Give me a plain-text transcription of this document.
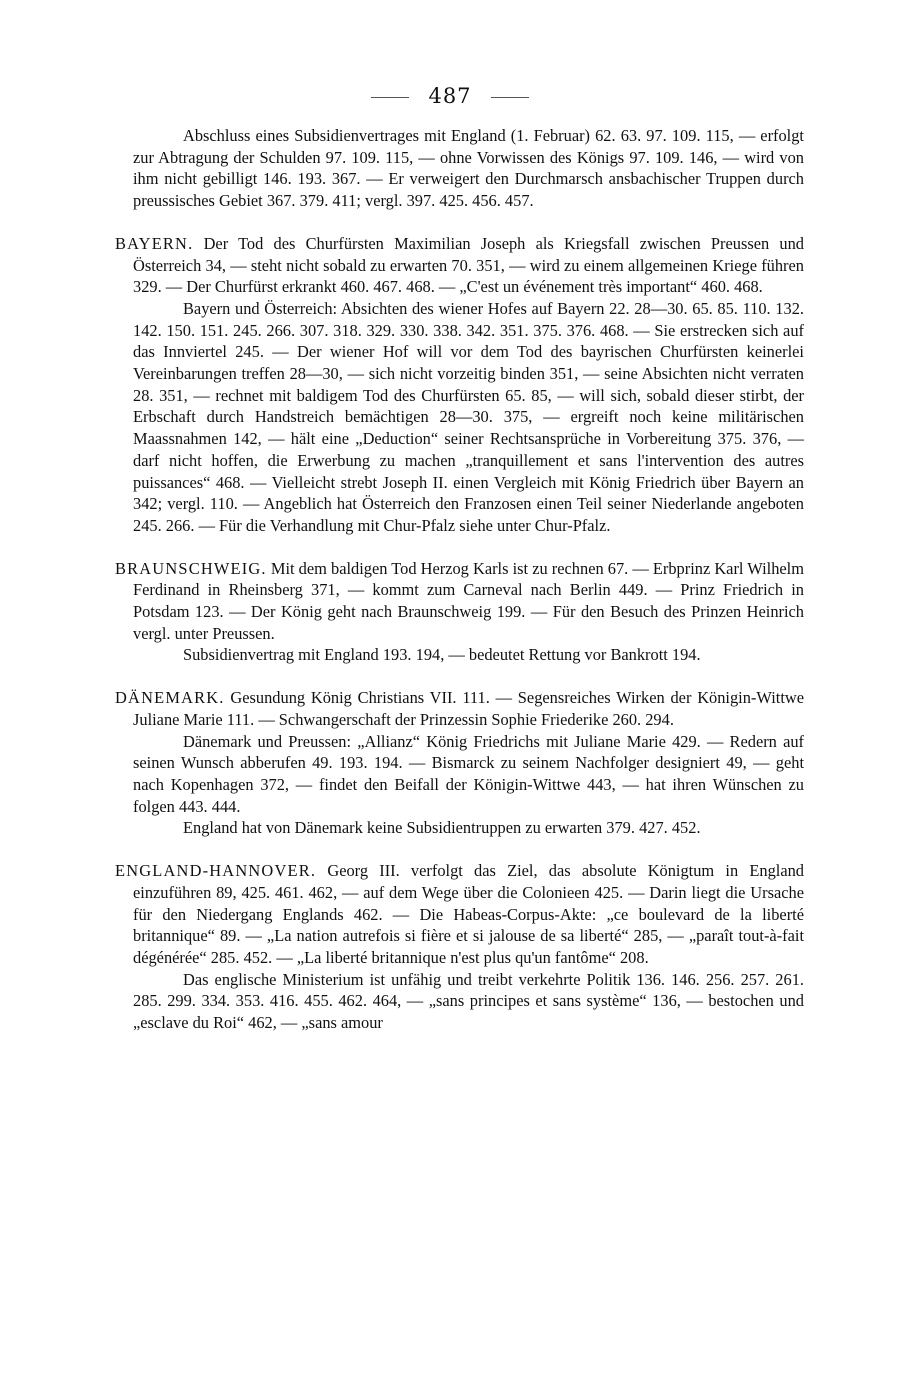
487

Abschluss eines Subsidienvertrages mit England (1. Februar) 62. 63. 97. 109. 115, — erfolgt zur Abtragung der Schulden 97. 109. 115, — ohne Vorwissen des Königs 97. 109. 146, — wird von ihm nicht gebilligt 146. 193. 367. — Er verweigert den Durchmarsch ansbachischer Truppen durch preussisches Gebiet 367. 379. 411; vergl. 397. 425. 456. 457.

BAYERN. Der Tod des Churfürsten Maximilian Joseph als Kriegsfall zwischen Preussen und Österreich 34, — steht nicht sobald zu erwarten 70. 351, — wird zu einem allgemeinen Kriege führen 329. — Der Churfürst erkrankt 460. 467. 468. — „C'est un événement très important“ 460. 468.

Bayern und Österreich: Absichten des wiener Hofes auf Bayern 22. 28—30. 65. 85. 110. 132. 142. 150. 151. 245. 266. 307. 318. 329. 330. 338. 342. 351. 375. 376. 468. — Sie erstrecken sich auf das Innviertel 245. — Der wiener Hof will vor dem Tod des bayrischen Churfürsten keinerlei Vereinbarungen treffen 28—30, — sich nicht vorzeitig binden 351, — seine Absichten nicht verraten 28. 351, — rechnet mit baldigem Tod des Churfürsten 65. 85, — will sich, sobald dieser stirbt, der Erbschaft durch Handstreich bemächtigen 28—30. 375, — ergreift noch keine militärischen Maassnahmen 142, — hält eine „Deduction“ seiner Rechtsansprüche in Vorbereitung 375. 376, — darf nicht hoffen, die Erwerbung zu machen „tranquillement et sans l'intervention des autres puissances“ 468. — Vielleicht strebt Joseph II. einen Vergleich mit König Friedrich über Bayern an 342; vergl. 110. — Angeblich hat Österreich den Franzosen einen Teil seiner Niederlande angeboten 245. 266. — Für die Verhandlung mit Chur-Pfalz siehe unter Chur-Pfalz.

BRAUNSCHWEIG. Mit dem baldigen Tod Herzog Karls ist zu rechnen 67. — Erbprinz Karl Wilhelm Ferdinand in Rheinsberg 371, — kommt zum Carneval nach Berlin 449. — Prinz Friedrich in Potsdam 123. — Der König geht nach Braunschweig 199. — Für den Besuch des Prinzen Heinrich vergl. unter Preussen.

Subsidienvertrag mit England 193. 194, — bedeutet Rettung vor Bankrott 194.

DÄNEMARK. Gesundung König Christians VII. 111. — Segensreiches Wirken der Königin-Wittwe Juliane Marie 111. — Schwangerschaft der Prinzessin Sophie Friederike 260. 294.

Dänemark und Preussen: „Allianz“ König Friedrichs mit Juliane Marie 429. — Redern auf seinen Wunsch abberufen 49. 193. 194. — Bismarck zu seinem Nachfolger designiert 49, — geht nach Kopenhagen 372, — findet den Beifall der Königin-Wittwe 443, — hat ihren Wünschen zu folgen 443. 444.

England hat von Dänemark keine Subsidientruppen zu erwarten 379. 427. 452.

ENGLAND-HANNOVER. Georg III. verfolgt das Ziel, das absolute Königtum in England einzuführen 89, 425. 461. 462, — auf dem Wege über die Colonieen 425. — Darin liegt die Ursache für den Niedergang Englands 462. — Die Habeas-Corpus-Akte: „ce boulevard de la liberté britannique“ 89. — „La nation autrefois si fière et si jalouse de sa liberté“ 285, — „paraît tout-à-fait dégénérée“ 285. 452. — „La liberté britannique n'est plus qu'un fantôme“ 208.

Das englische Ministerium ist unfähig und treibt verkehrte Politik 136. 146. 256. 257. 261. 285. 299. 334. 353. 416. 455. 462. 464, — „sans principes et sans système“ 136, — bestochen und „esclave du Roi“ 462, — „sans amour
